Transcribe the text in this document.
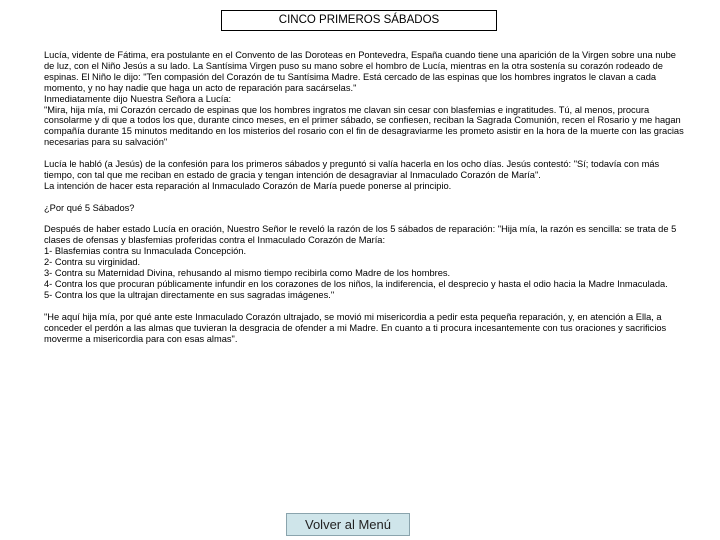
CINCO PRIMEROS SÁBADOS

Lucía, vidente de Fátima, era postulante en el Convento de las Doroteas en Pontevedra, España cuando tiene una aparición de la Virgen sobre una nube de luz, con el Niño Jesús a su lado. La Santísima Virgen puso su mano sobre el hombro de Lucía, mientras en la otra sostenía su corazón rodeado de espinas. El Niño le dijo: "Ten compasión del Corazón de tu Santísima Madre. Está cercado de las espinas que los hombres ingratos le clavan a cada momento, y no hay nadie que haga un acto de reparación para sacárselas."

Inmediatamente dijo Nuestra Señora a Lucía:

"Mira, hija mía, mi Corazón cercado de espinas que los hombres ingratos me clavan sin cesar con blasfemias e ingratitudes. Tú, al menos, procura consolarme y di que a todos los que, durante cinco meses, en el primer sábado, se confiesen, reciban la Sagrada Comunión, recen el Rosario y me hagan compañía durante 15 minutos meditando en los misterios del rosario con el fin de desagraviarme les prometo asistir en la hora de la muerte con las gracias necesarias para su salvación"

Lucía le habló (a Jesús) de la confesión para los primeros sábados y preguntó si valía hacerla en los ocho días. Jesús contestó: "Sí; todavía con más tiempo, con tal que me reciban en estado de gracia y tengan intención de desagraviar al Inmaculado Corazón de María".

La intención de hacer esta reparación al Inmaculado Corazón de María puede ponerse al principio.

¿Por qué 5 Sábados?

Después de haber estado Lucía en oración, Nuestro Señor le reveló la razón de los 5 sábados de reparación: "Hija mía, la razón es sencilla: se trata de 5 clases de ofensas y blasfemias proferidas contra el Inmaculado Corazón de María:

1- Blasfemias contra su Inmaculada Concepción.

2- Contra su virginidad.

3- Contra su Maternidad Divina, rehusando al mismo tiempo recibirla como Madre de los hombres.

4- Contra los que procuran públicamente infundir en los corazones de los niños, la indiferencia, el desprecio y hasta el odio hacia la Madre Inmaculada.

5- Contra los que la ultrajan directamente en sus sagradas imágenes."

"He aquí hija mía, por qué ante este Inmaculado Corazón ultrajado, se movió mi misericordia a pedir esta pequeña reparación, y, en atención a Ella, a conceder el perdón a las almas que tuvieran la desgracia de ofender a mi Madre. En cuanto a ti procura incesantemente con tus oraciones y sacrificios moverme a misericordia para con esas almas".

Volver al Menú
